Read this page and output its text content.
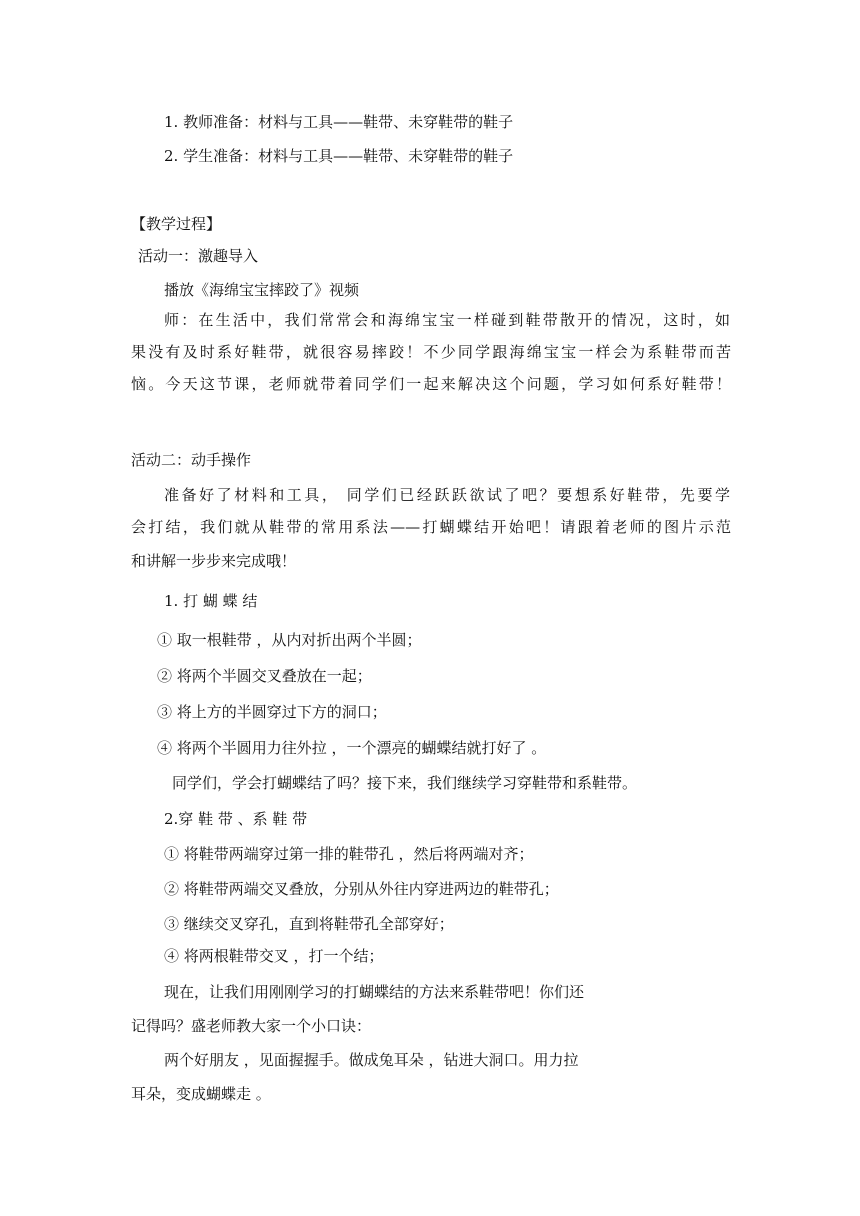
1. 教师准备：材料与工具——鞋带、未穿鞋带的鞋子
2. 学生准备：材料与工具——鞋带、未穿鞋带的鞋子
【教学过程】
活动一：激趣导入
播放《海绵宝宝摔跤了》视频
师：在生活中，我们常常会和海绵宝宝一样碰到鞋带散开的情况，这时，如
果没有及时系好鞋带，就很容易摔跤！不少同学跟海绵宝宝一样会为系鞋带而苦
恼。今天这节课，老师就带着同学们一起来解决这个问题，学习如何系好鞋带！
活动二：动手操作
准备好了材料和工具， 同学们已经跃跃欲试了吧？要想系好鞋带，先要学
会打结，我们就从鞋带的常用系法——打蝴蝶结开始吧！请跟着老师的图片示范
和讲解一步步来完成哦！
1. 打 蝴 蝶 结
① 取一根鞋带 ，从内对折出两个半圆；
② 将两个半圆交叉叠放在一起；
③ 将上方的半圆穿过下方的洞口；
④ 将两个半圆用力往外拉 ，一个漂亮的蝴蝶结就打好了 。
同学们，学会打蝴蝶结了吗？接下来，我们继续学习穿鞋带和系鞋带。
2.穿 鞋 带 、系 鞋 带
① 将鞋带两端穿过第一排的鞋带孔 ，然后将两端对齐；
② 将鞋带两端交叉叠放，分别从外往内穿进两边的鞋带孔；
③ 继续交叉穿孔，直到将鞋带孔全部穿好；
④ 将两根鞋带交叉 ，打一个结；
现在，让我们用刚刚学习的打蝴蝶结的方法来系鞋带吧！你们还
记得吗？盛老师教大家一个小口诀：
两个好朋友 ，见面握握手。做成兔耳朵 ，钻进大洞口。用力拉
耳朵，变成蝴蝶走 。
